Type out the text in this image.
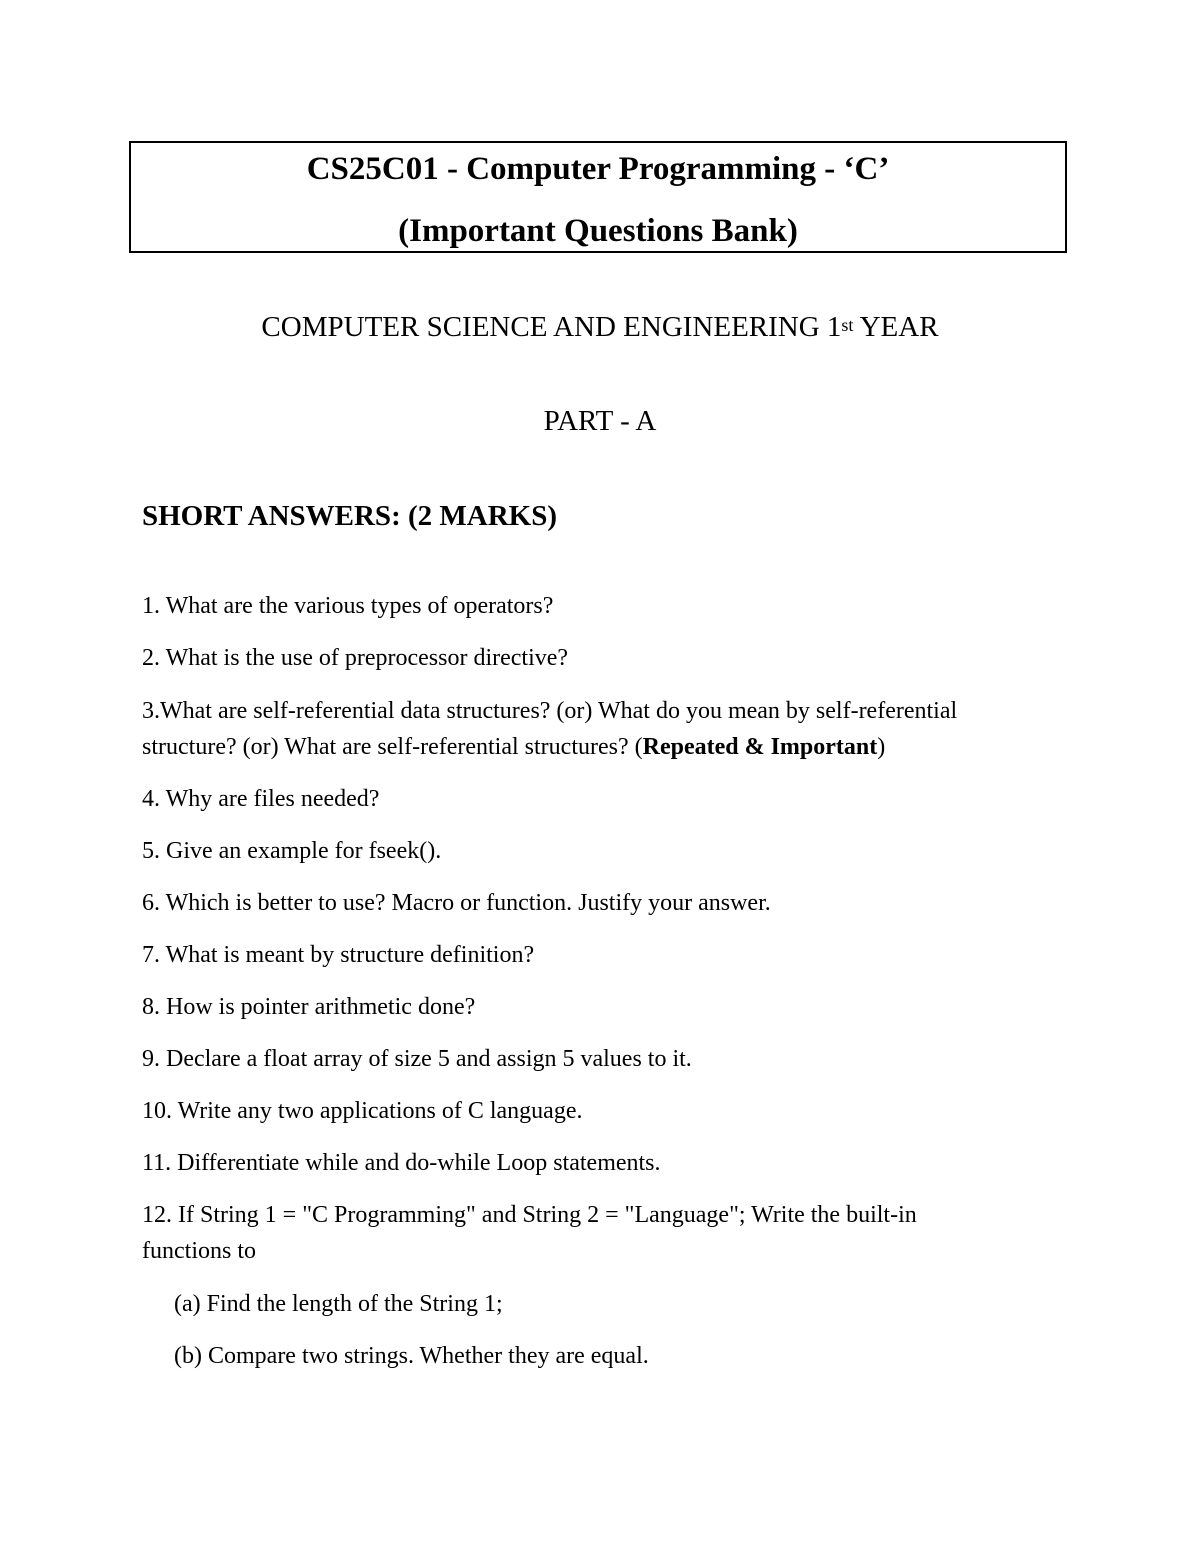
CS25C01 - Computer Programming - ‘C’
(Important Questions Bank)
COMPUTER SCIENCE AND ENGINEERING 1st YEAR
PART - A
SHORT ANSWERS: (2 MARKS)
1. What are the various types of operators?
2. What is the use of preprocessor directive?
3.What are self-referential data structures? (or) What do you mean by self-referential
structure? (or) What are self-referential structures? (Repeated & Important)
4. Why are files needed?
5. Give an example for fseek().
6. Which is better to use? Macro or function. Justify your answer.
7. What is meant by structure definition?
8. How is pointer arithmetic done?
9. Declare a float array of size 5 and assign 5 values to it.
10. Write any two applications of C language.
11. Differentiate while and do-while Loop statements.
12. If String 1 = "C Programming" and String 2 = "Language"; Write the built-in
functions to
(a) Find the length of the String 1;
(b) Compare two strings. Whether they are equal.
